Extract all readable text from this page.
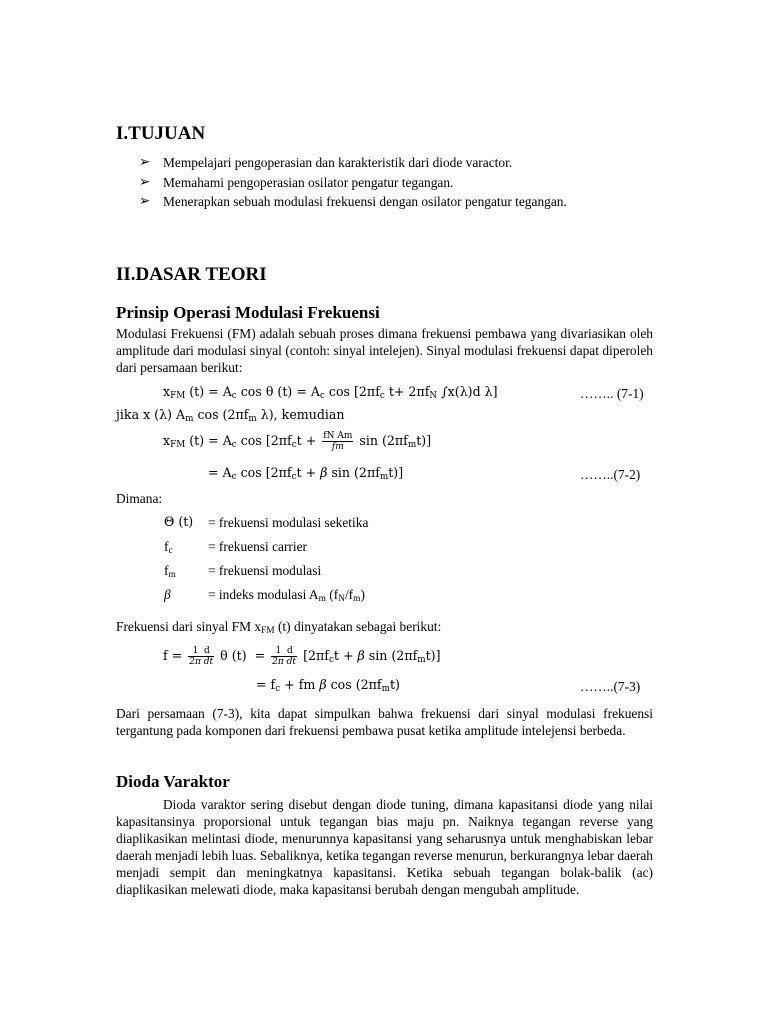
I.TUJUAN
➢ Mempelajari pengoperasian dan karakteristik dari diode varactor.
➢ Memahami pengoperasian osilator pengatur tegangan.
➢ Menerapkan sebuah modulasi frekuensi dengan osilator pengatur tegangan.
II.DASAR TEORI
Prinsip Operasi Modulasi Frekuensi
Modulasi Frekuensi (FM) adalah sebuah proses dimana frekuensi pembawa yang divariasikan oleh amplitude dari modulasi sinyal (contoh: sinyal intelejen). Sinyal modulasi frekuensi dapat diperoleh dari persamaan berikut:
$x_{FM}$ $(t) = A_c$ cos θ $(t) = A_c$ $\cos [2\pi f_c$ $t+ 2\pi f_N$ ∫x(λ)d λ]	…….. (7-1)
jika x (λ) $A_m$ $\cos (2\pi f_m$ λ), kemudian
$x_{FM}$ $(t) = A_c$ $\cos [2\pi f_ct + \frac{\text{fN Am}}{fm}$ $\sin (2\pi f_mt)$]
= $A_c$ $\cos [2\pi f_ct + \beta$ $\sin (2\pi f_mt)$]	……..(7-2)
Dimana:
Θ (t) = frekuensi modulasi seketika
$f_c$	= frekuensi carrier
$f_m$ = frekuensi modulasi
β	= indeks modulasi $A_m$ $(f_N/f_m)$
Frekuensi dari sinyal FM $x_{FM}$ (t) dinyatakan sebagai berikut:
$f = \frac{1 d}{\text{2π dt}}$ θ $(t) = \frac{1 d}{\text{2π dt}} [2\pi f_ct + \beta$ $\sin (2\pi f_mt)$]
= $f_c$ + fm β $\cos (2\pi f_mt)$	……..(7-3)
Dari persamaan (7-3), kita dapat simpulkan bahwa frekuensi dari sinyal modulasi frekuensi tergantung pada komponen dari frekuensi pembawa pusat ketika amplitude intelejensi berbeda.
Dioda Varaktor
Dioda varaktor sering disebut dengan diode tuning, dimana kapasitansi diode yang nilai kapasitansinya proporsional untuk tegangan bias maju pn. Naiknya tegangan reverse yang diaplikasikan melintasi diode, menurunnya kapasitansi yang seharusnya untuk menghabiskan lebar daerah menjadi lebih luas. Sebaliknya, ketika tegangan reverse menurun, berkurangnya lebar daerah menjadi sempit dan meningkatnya kapasitansi. Ketika sebuah tegangan bolak-balik (ac) diaplikasikan melewati diode, maka kapasitansi berubah dengan mengubah amplitude.
